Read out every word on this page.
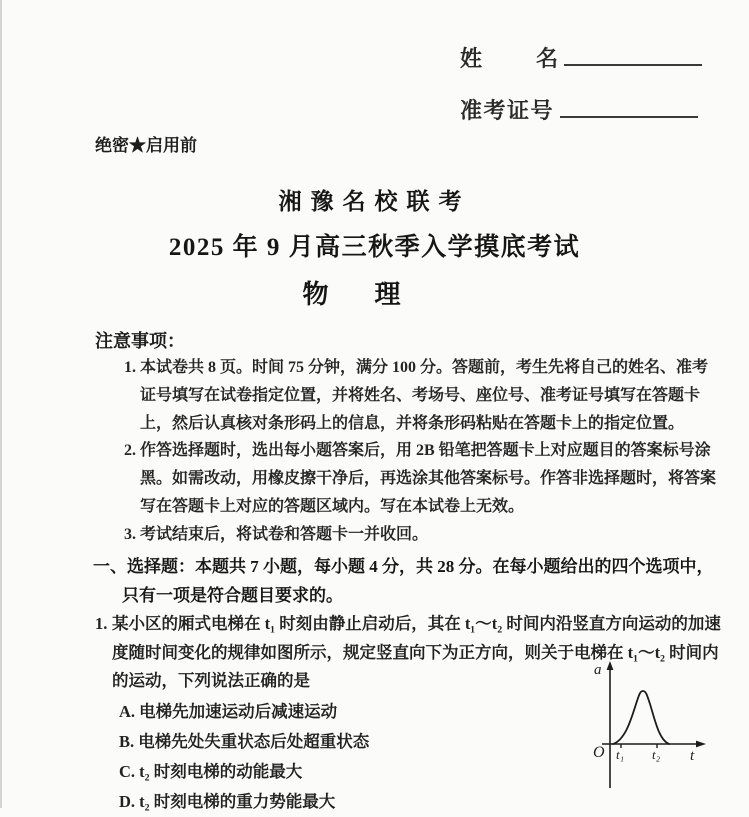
姓名
准考证号
绝密★启用前
湘豫名校联考
2025 年 9 月高三秋季入学摸底考试
物理
注意事项：
1. 本试卷共 8 页。时间 75 分钟，满分 100 分。答题前，考生先将自己的姓名、准考证号填写在试卷指定位置，并将姓名、考场号、座位号、准考证号填写在答题卡上，然后认真核对条形码上的信息，并将条形码粘贴在答题卡上的指定位置。
2. 作答选择题时，选出每小题答案后，用 2B 铅笔把答题卡上对应题目的答案标号涂黑。如需改动，用橡皮擦干净后，再选涂其他答案标号。作答非选择题时，将答案写在答题卡上对应的答题区域内。写在本试卷上无效。
3. 考试结束后，将试卷和答题卡一并收回。
一、选择题：本题共 7 小题，每小题 4 分，共 28 分。在每小题给出的四个选项中，只有一项是符合题目要求的。
1. 某小区的厢式电梯在 t₁ 时刻由静止启动后，其在 t₁～t₂ 时间内沿竖直方向运动的加速度随时间变化的规律如图所示，规定竖直向下为正方向，则关于电梯在 t₁～t₂ 时间内的运动，下列说法正确的是
A. 电梯先加速运动后减速运动
B. 电梯先处失重状态后处超重状态
C. t₂ 时刻电梯的动能最大
D. t₂ 时刻电梯的重力势能最大
a
O	t
t₁ t₂
